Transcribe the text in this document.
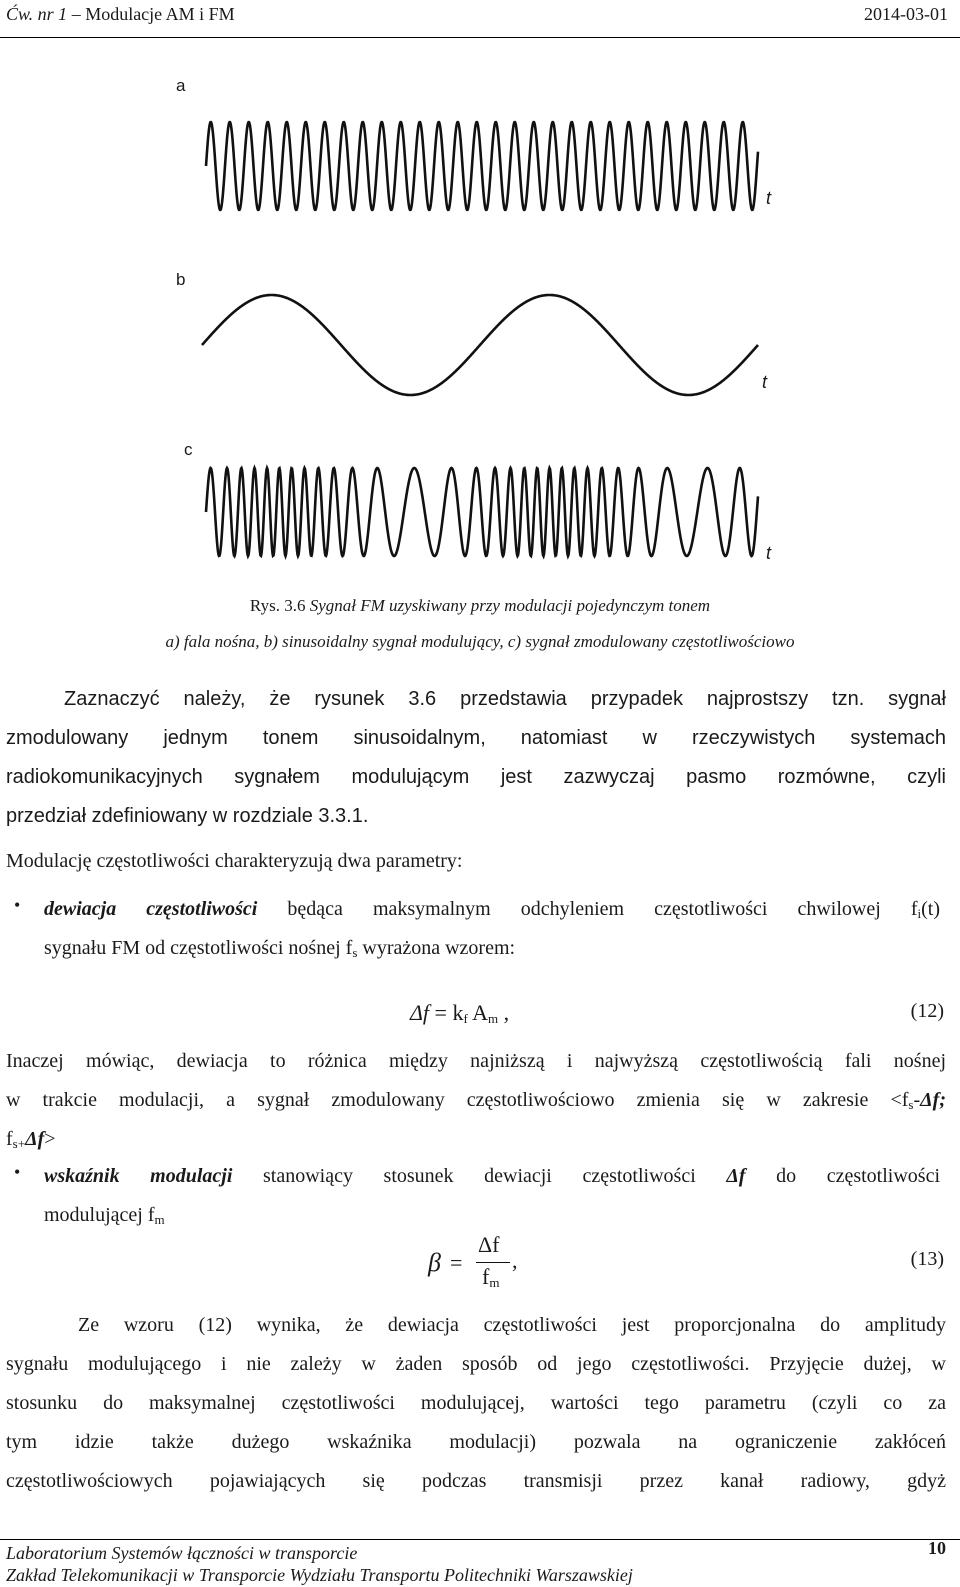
Ćw. nr 1 – Modulacje AM i FM	2014-03-01
a
b
c
t
t
t
Rys. 3.6 Sygnał FM uzyskiwany przy modulacji pojedynczym tonem
a) fala nośna, b) sinusoidalny sygnał modulujący, c) sygnał zmodulowany częstotliwościowo
Zaznaczyć należy, że rysunek 3.6 przedstawia przypadek najprostszy tzn. sygnał
zmodulowany jednym tonem sinusoidalnym, natomiast w rzeczywistych systemach
radiokomunikacyjnych sygnałem modulującym jest zazwyczaj pasmo rozmówne, czyli
przedział zdefiniowany w rozdziale 3.3.1.
Modulację częstotliwości charakteryzują dwa parametry:
• dewiacja częstotliwości będąca maksymalnym odchyleniem częstotliwości chwilowej $f_i(t)$
sygnału FM od częstotliwości nośnej $f_s$ wyrażona wzorem:
$\Delta f = k_f$ $A_m$ ,	(12)
Inaczej mówiąc, dewiacja to różnica między najniższą i najwyższą częstotliwością fali nośnej
w trakcie modulacji, a sygnał zmodulowany częstotliwościowo zmienia się w zakresie $<f_s-\Delta f$;
$f_{s+}\Delta f>$
• wskaźnik modulacji stanowiący stosunek dewiacji częstotliwości Δf do częstotliwości
modulującej $f_m$
β =
Δf
$f_m$
,	(13)
Ze wzoru (12) wynika, że dewiacja częstotliwości jest proporcjonalna do amplitudy
sygnału modulującego i nie zależy w żaden sposób od jego częstotliwości. Przyjęcie dużej, w
stosunku do maksymalnej częstotliwości modulującej, wartości tego parametru (czyli co za
tym idzie także dużego wskaźnika modulacji) pozwala na ograniczenie zakłóceń
częstotliwościowych pojawiających się podczas transmisji przez kanał radiowy, gdyż
Laboratorium Systemów łączności w transporcie
Zakład Telekomunikacji w Transporcie Wydziału Transportu Politechniki Warszawskiej
10
